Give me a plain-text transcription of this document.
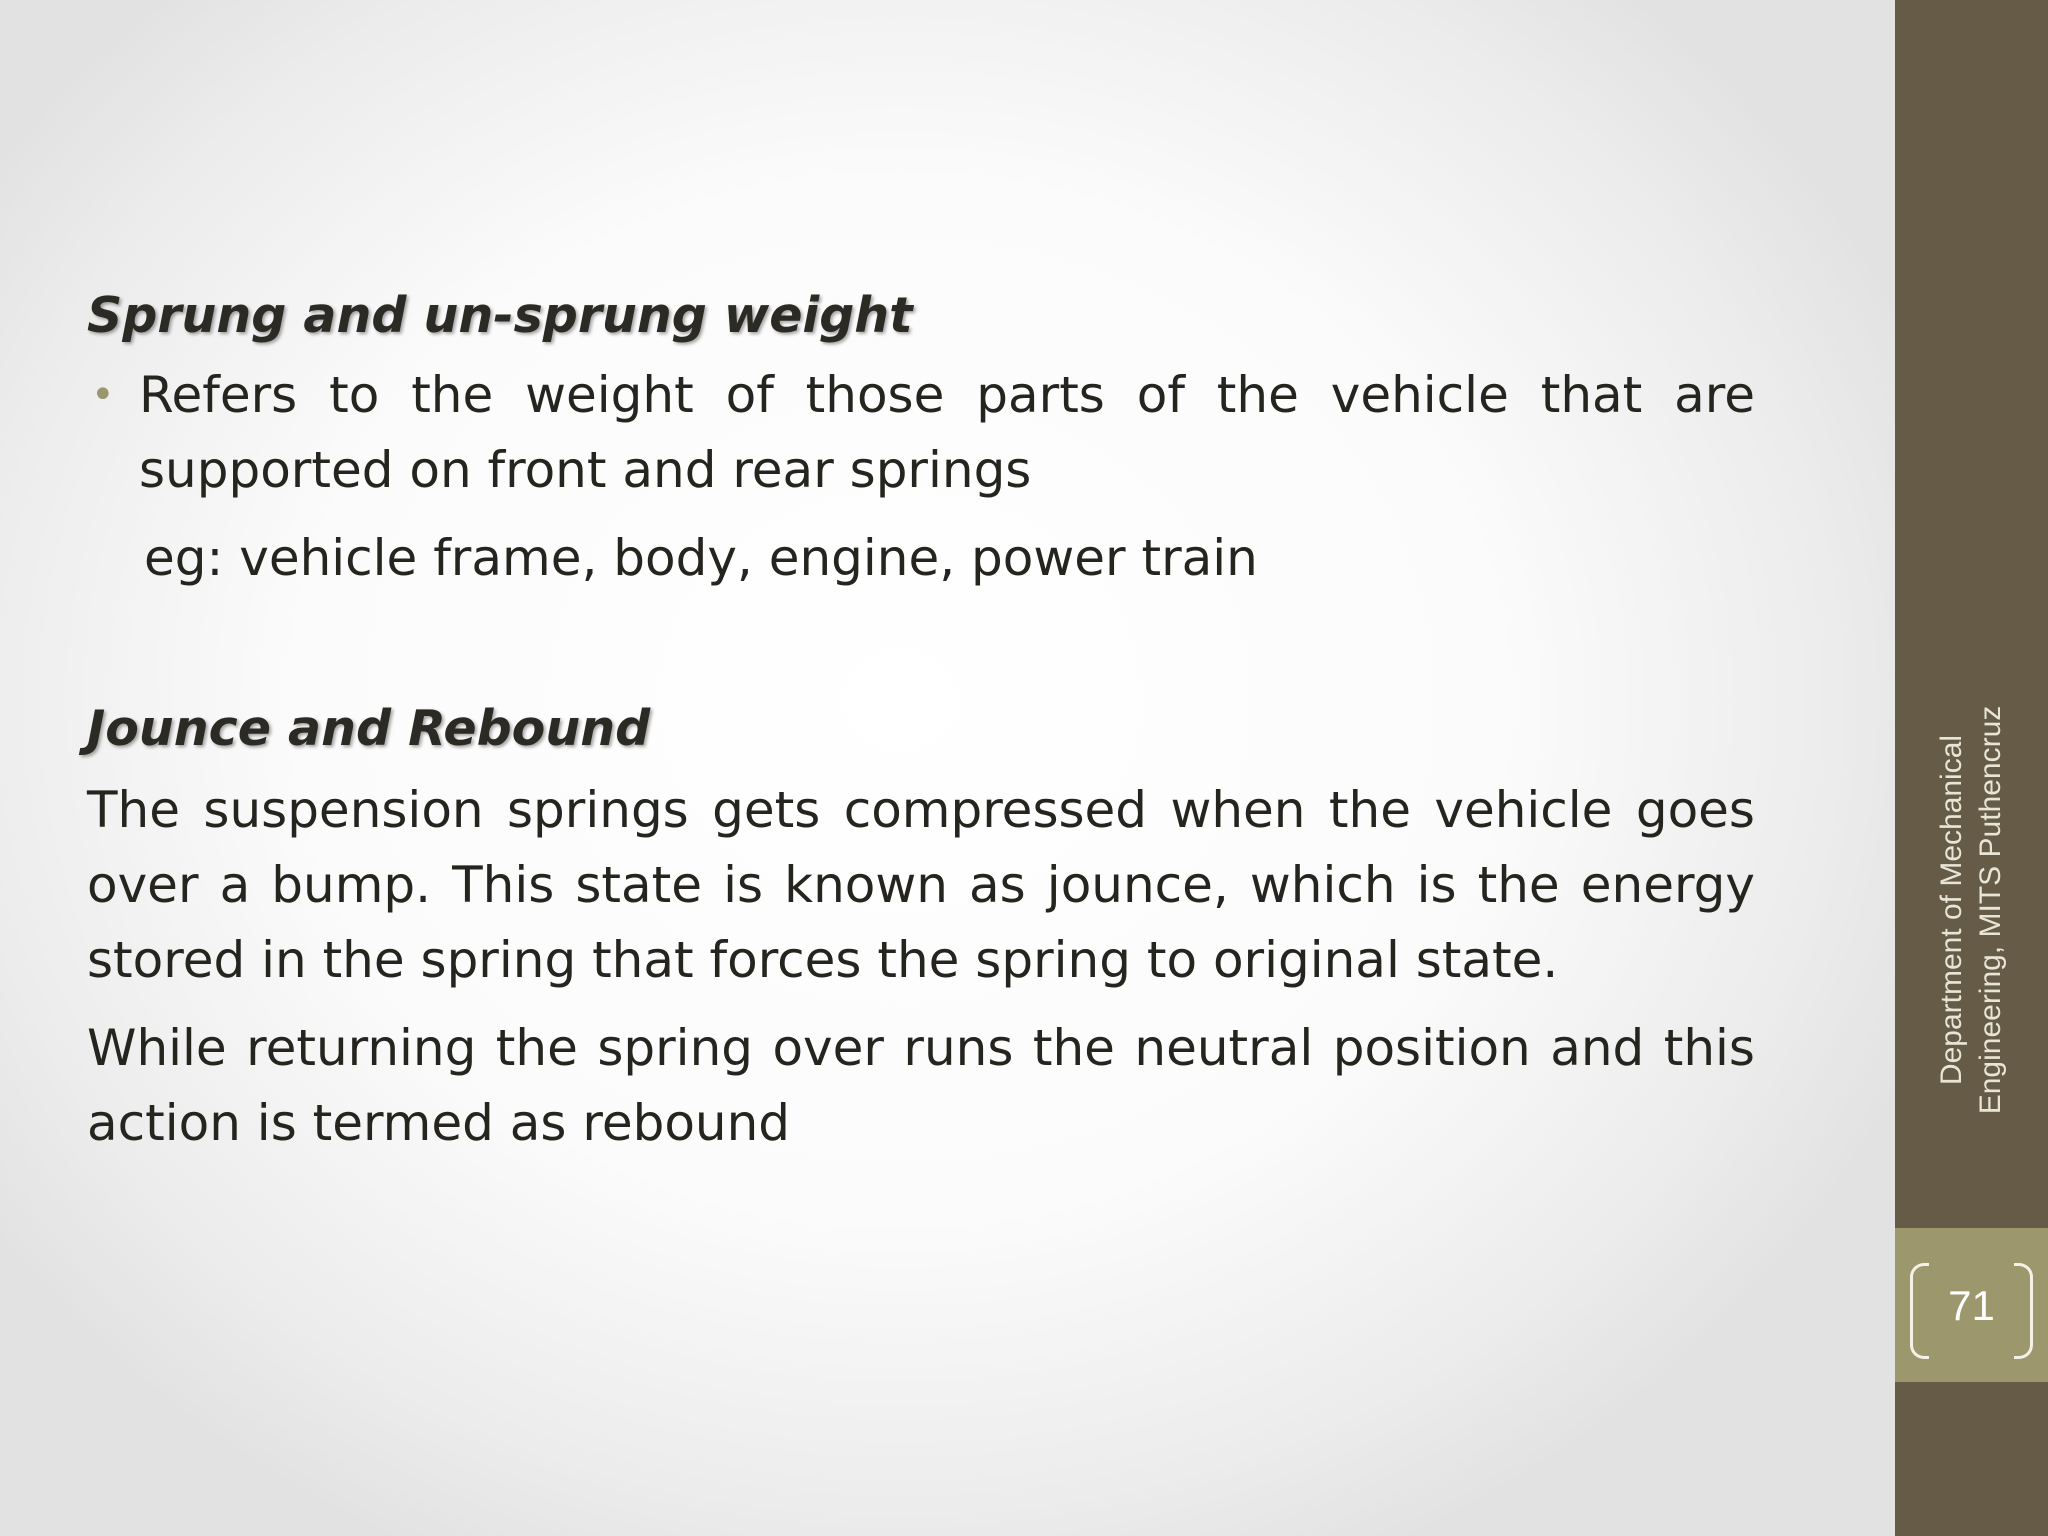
Sprung and un-sprung weight
• Refers to the weight of those parts of the vehicle that are supported on front and rear springs

eg: vehicle frame, body, engine, power train

Jounce and Rebound

The suspension springs gets compressed when the vehicle goes over a bump. This state is known as jounce, which is the energy stored in the spring that forces the spring to original state.

While returning the spring over runs the neutral position and this action is termed as rebound

Department of Mechanical Engineering, MITS Puthencruz
71
